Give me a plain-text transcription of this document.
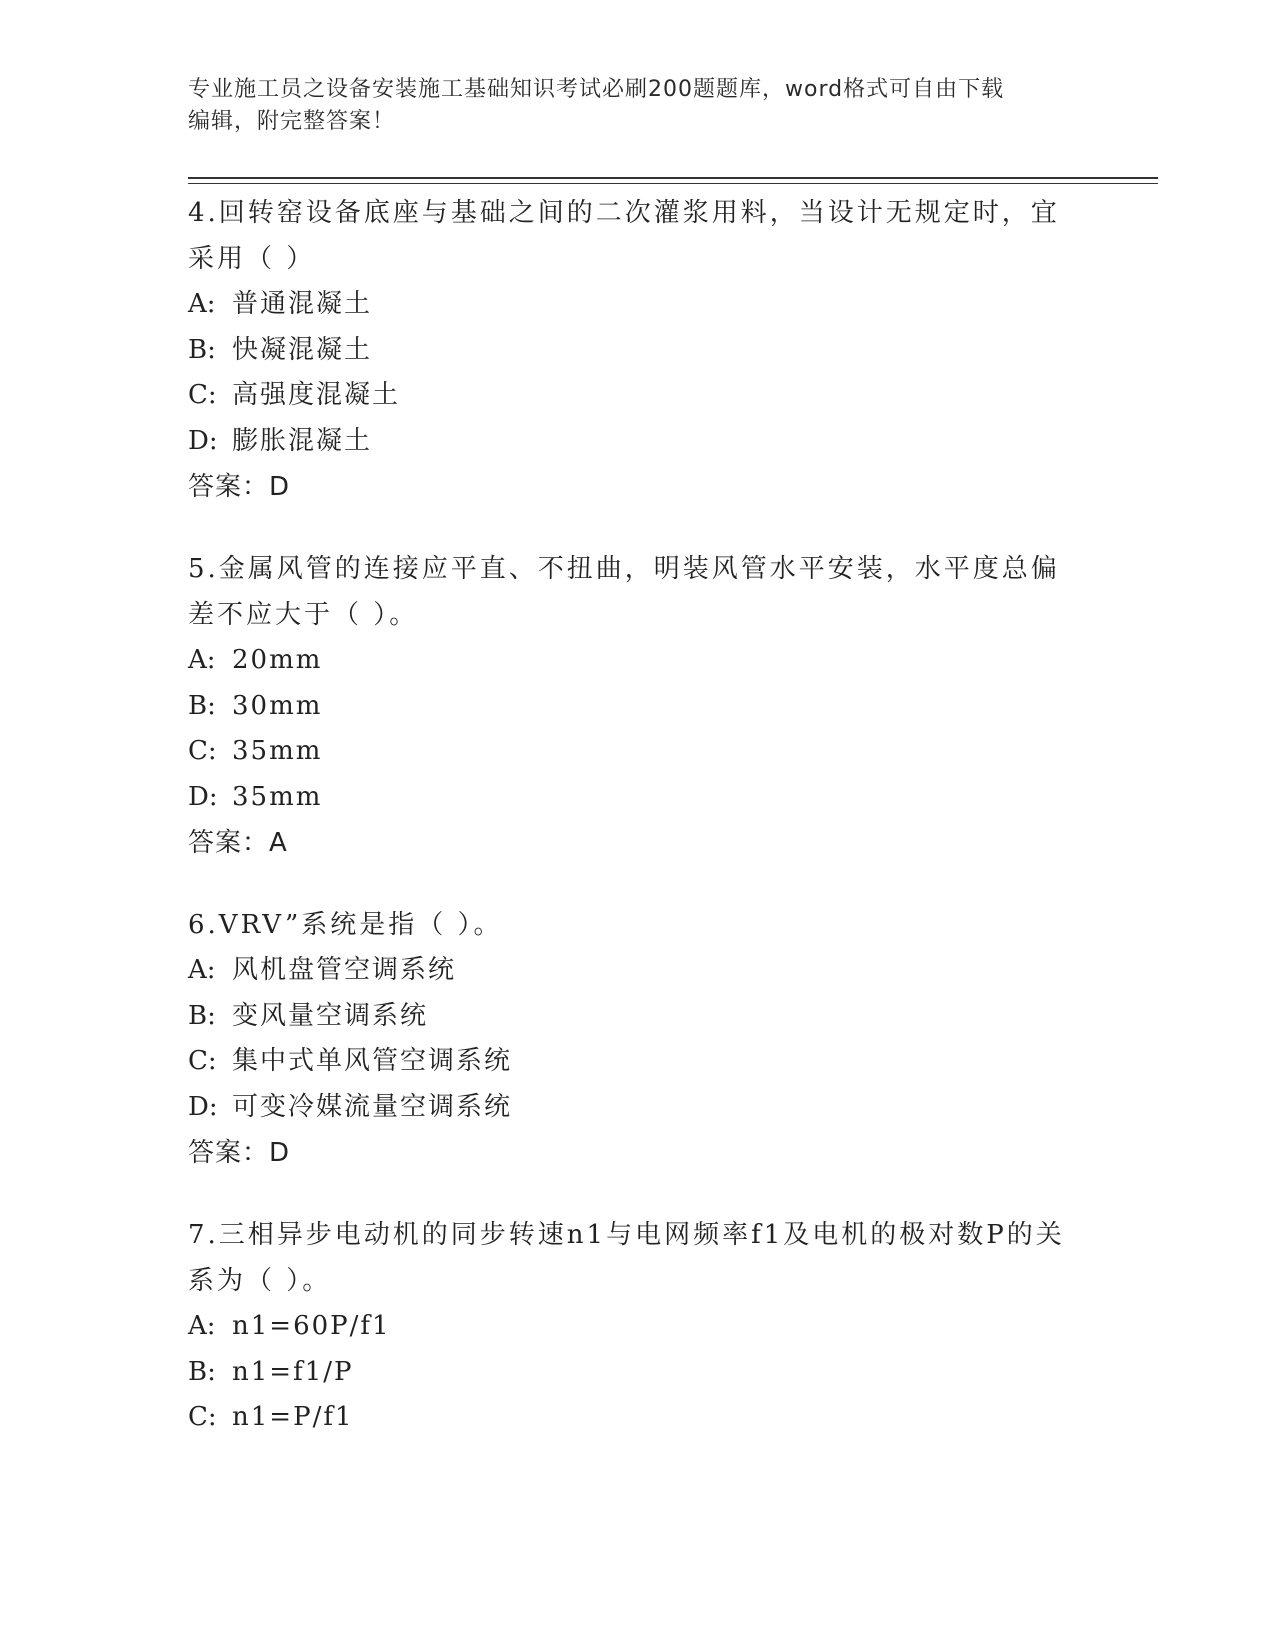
专业施工员之设备安装施工基础知识考试必刷200题题库，word格式可自由下载
编辑，附完整答案！

4.回转窑设备底座与基础之间的二次灌浆用料，当设计无规定时，宜采用（ ）

A: 普通混凝土
B: 快凝混凝土
C: 高强度混凝土
D: 膨胀混凝土
答案：D

5.金属风管的连接应平直、不扭曲，明装风管水平安装，水平度总偏差不应大于（ ）。

A: 20mm
B: 30mm
C: 35mm
D: 35mm
答案：A

6.VRV”系统是指（ ）。

A: 风机盘管空调系统
B: 变风量空调系统
C: 集中式单风管空调系统
D: 可变冷媒流量空调系统
答案：D

7.三相异步电动机的同步转速n1与电网频率f1及电机的极对数P的关系为（ ）。

A: n1=60P/f1
B: n1=f1/P
C: n1=P/f1
